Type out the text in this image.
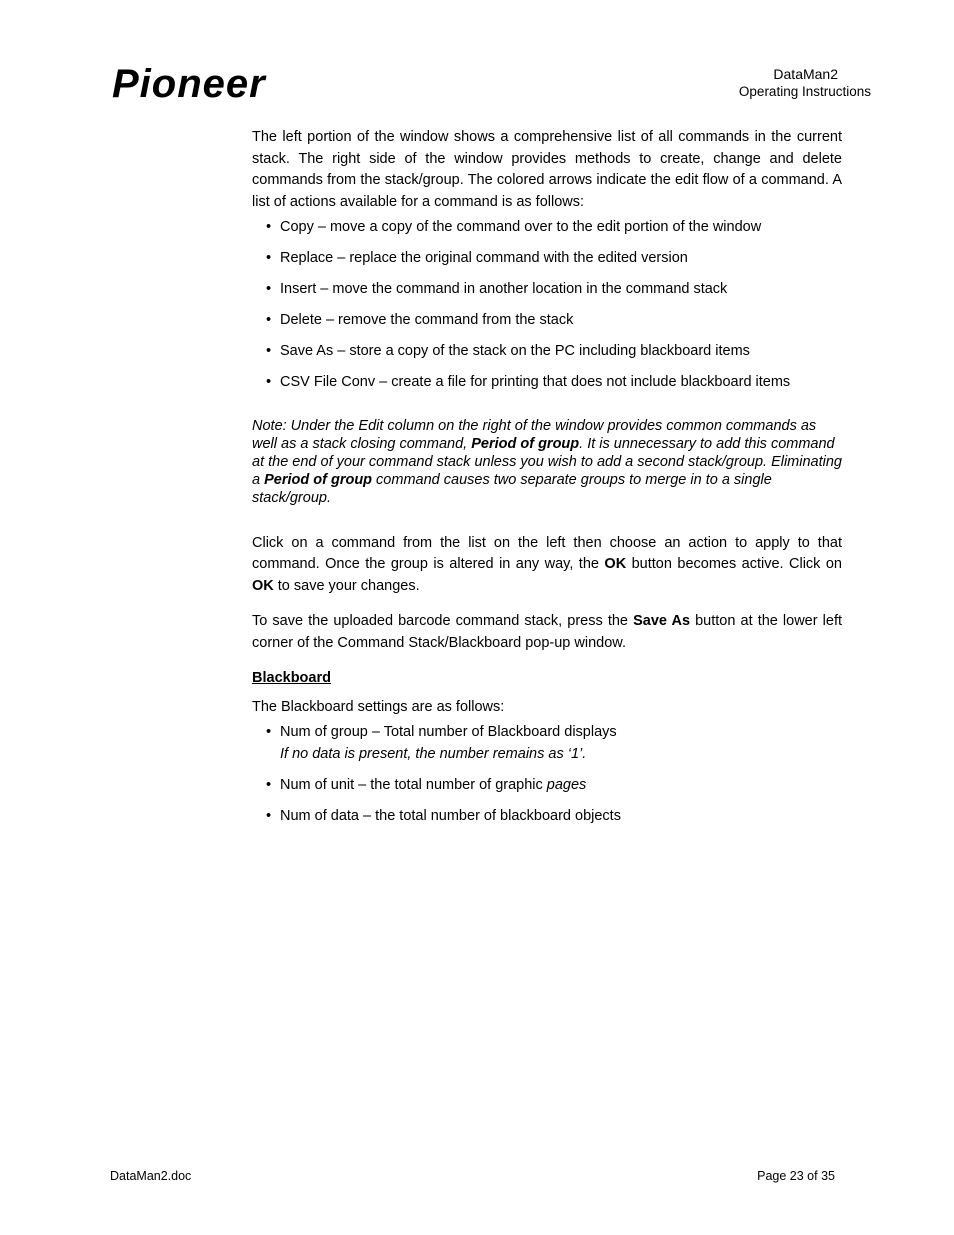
Pioneer	DataMan2
Operating Instructions

The left portion of the window shows a comprehensive list of all commands in the current stack. The right side of the window provides methods to create, change and delete commands from the stack/group. The colored arrows indicate the edit flow of a command. A list of actions available for a command is as follows:

• Copy – move a copy of the command over to the edit portion of the window
• Replace – replace the original command with the edited version
• Insert – move the command in another location in the command stack
• Delete – remove the command from the stack
• Save As – store a copy of the stack on the PC including blackboard items
• CSV File Conv – create a file for printing that does not include blackboard items

Note: Under the Edit column on the right of the window provides common commands as well as a stack closing command, Period of group. It is unnecessary to add this command at the end of your command stack unless you wish to add a second stack/group. Eliminating a Period of group command causes two separate groups to merge in to a single stack/group.

Click on a command from the list on the left then choose an action to apply to that command. Once the group is altered in any way, the OK button becomes active. Click on OK to save your changes.

To save the uploaded barcode command stack, press the Save As button at the lower left corner of the Command Stack/Blackboard pop-up window.

Blackboard

The Blackboard settings are as follows:

• Num of group – Total number of Blackboard displays
If no data is present, the number remains as ‘1’.
• Num of unit – the total number of graphic pages
• Num of data – the total number of blackboard objects
DataMan2.doc	Page 23 of 35
